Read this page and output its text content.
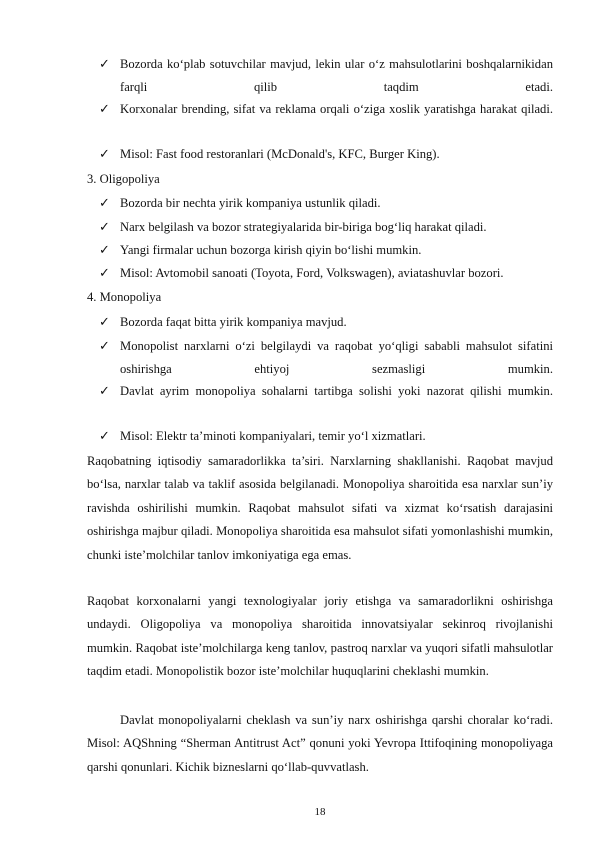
✓ Bozorda ko‘plab sotuvchilar mavjud, lekin ular o‘z mahsulotlarini boshqalarnikidan farqli qilib taqdim etadi.
✓ Korxonalar brending, sifat va reklama orqali o‘ziga xoslik yaratishga harakat qiladi.
✓ Misol: Fast food restoranlari (McDonald's, KFC, Burger King).
3. Oligopoliya
✓ Bozorda bir nechta yirik kompaniya ustunlik qiladi.
✓ Narx belgilash va bozor strategiyalarida bir-biriga bog‘liq harakat qiladi.
✓ Yangi firmalar uchun bozorga kirish qiyin bo‘lishi mumkin.
✓ Misol: Avtomobil sanoati (Toyota, Ford, Volkswagen), aviatashuvlar bozori.
4. Monopoliya
✓ Bozorda faqat bitta yirik kompaniya mavjud.
✓ Monopolist narxlarni o‘zi belgilaydi va raqobat yo‘qligi sababli mahsulot sifatini oshirishga ehtiyoj sezmasligi mumkin.
✓ Davlat ayrim monopoliya sohalarni tartibga solishi yoki nazorat qilishi mumkin.
✓ Misol: Elektr ta’minoti kompaniyalari, temir yo‘l xizmatlari.
Raqobatning iqtisodiy samaradorlikka ta’siri. Narxlarning shakllanishi. Raqobat mavjud bo‘lsa, narxlar talab va taklif asosida belgilanadi. Monopoliya sharoitida esa narxlar sun’iy ravishda oshirilishi mumkin. Raqobat mahsulot sifati va xizmat ko‘rsatish darajasini oshirishga majbur qiladi. Monopoliya sharoitida esa mahsulot sifati yomonlashishi mumkin, chunki iste’molchilar tanlov imkoniyatiga ega emas.
Raqobat korxonalarni yangi texnologiyalar joriy etishga va samaradorlikni oshirishga undaydi. Oligopoliya va monopoliya sharoitida innovatsiyalar sekinroq rivojlanishi mumkin. Raqobat iste’molchilarga keng tanlov, pastroq narxlar va yuqori sifatli mahsulotlar taqdim etadi. Monopolistik bozor iste’molchilar huquqlarini cheklashi mumkin.
Davlat monopoliyalarni cheklash va sun’iy narx oshirishga qarshi choralar ko‘radi. Misol: AQShning “Sherman Antitrust Act” qonuni yoki Yevropa Ittifoqining monopoliyaga qarshi qonunlari. Kichik bizneslarni qo‘llab-quvvatlash.
18
